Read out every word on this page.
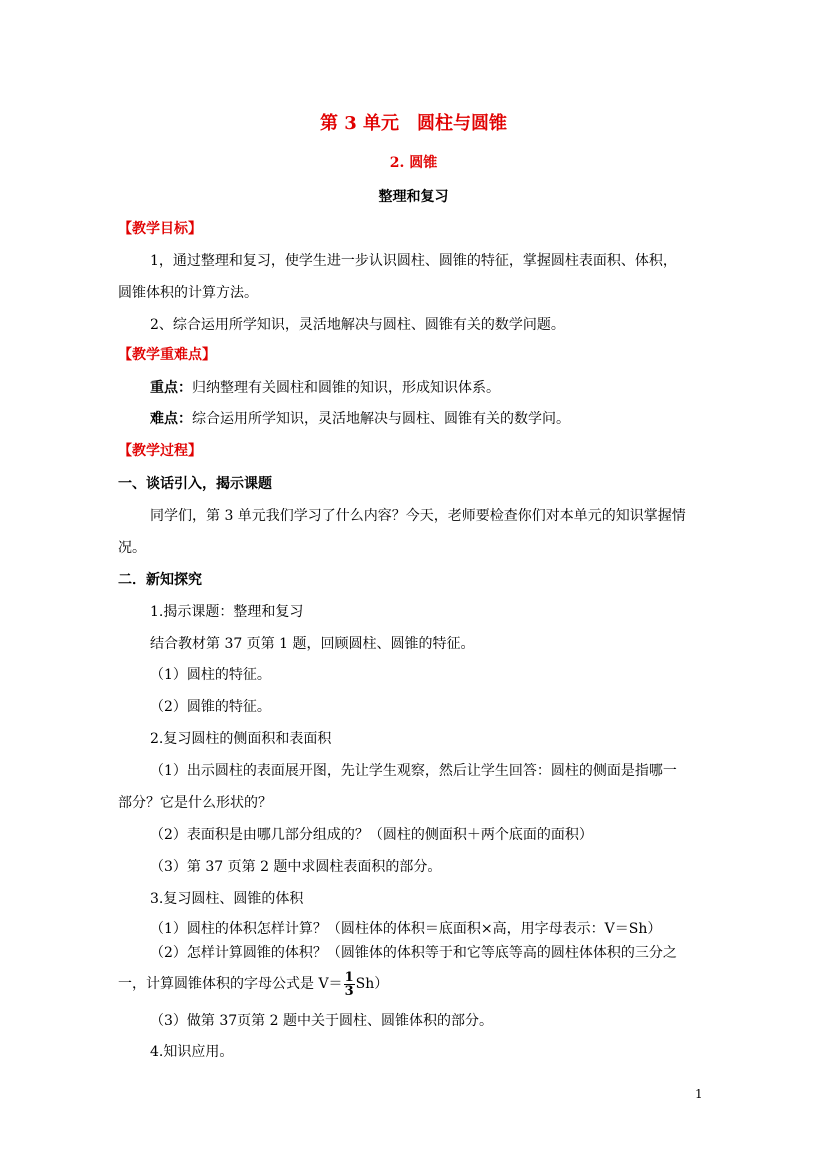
第 3 单元　圆柱与圆锥
2. 圆锥
整理和复习
【教学目标】
1，通过整理和复习，使学生进一步认识圆柱、圆锥的特征，掌握圆柱表面积、体积，
圆锥体积的计算方法。
2、综合运用所学知识，灵活地解决与圆柱、圆锥有关的数学问题。
【教学重难点】
重点：归纳整理有关圆柱和圆锥的知识，形成知识体系。
难点：综合运用所学知识，灵活地解决与圆柱、圆锥有关的数学问。
【教学过程】
一、谈话引入，揭示课题
同学们，第 3 单元我们学习了什么内容？今天，老师要检查你们对本单元的知识掌握情
况。
二．新知探究
1.揭示课题：整理和复习
结合教材第 37 页第 1 题，回顾圆柱、圆锥的特征。
（1）圆柱的特征。
（2）圆锥的特征。
2.复习圆柱的侧面积和表面积
（1）出示圆柱的表面展开图，先让学生观察，然后让学生回答：圆柱的侧面是指哪一
部分？它是什么形状的？
（2）表面积是由哪几部分组成的？（圆柱的侧面积＋两个底面的面积）
（3）第 37 页第 2 题中求圆柱表面积的部分。
3.复习圆柱、圆锥的体积
（1）圆柱的体积怎样计算？（圆柱体的体积＝底面积×高，用字母表示：V＝Sh）
（2）怎样计算圆锥的体积？（圆锥体的体积等于和它等底等高的圆柱体体积的三分之
一，计算圆锥体积的字母公式是 $V= \frac{1}{3} Sh$）
（3）做第 37页第 2 题中关于圆柱、圆锥体积的部分。
4.知识应用。
1
